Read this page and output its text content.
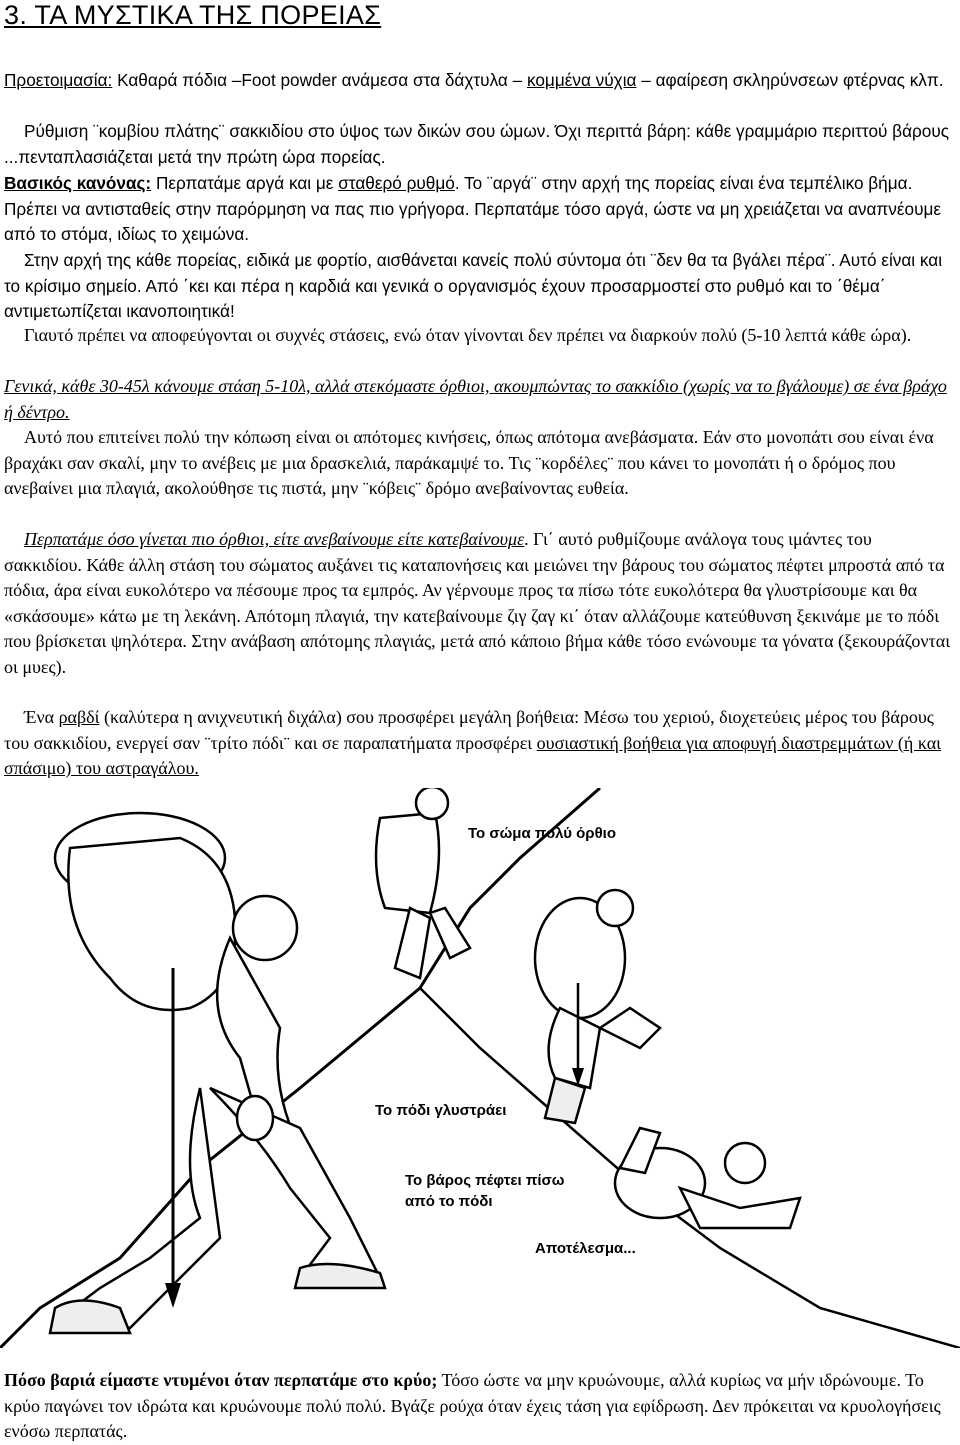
3. ΤΑ ΜΥΣΤΙΚΑ ΤΗΣ ΠΟΡΕΙΑΣ

Προετοιμασία: Καθαρά πόδια –Foot powder ανάμεσα στα δάχτυλα – κομμένα νύχια – αφαίρεση σκληρύνσεων φτέρνας κλπ.

Ρύθμιση ¨κομβίου πλάτης¨ σακκιδίου στο ύψος των δικών σου ώμων. Όχι περιττά βάρη: κάθε γραμμάριο περιττού βάρους ...πενταπλασιάζεται μετά την πρώτη ώρα πορείας.

Βασικός κανόνας: Περπατάμε αργά και με σταθερό ρυθμό. Το ¨αργά¨ στην αρχή της πορείας είναι ένα τεμπέλικο βήμα. Πρέπει να αντισταθείς στην παρόρμηση να πας πιο γρήγορα. Περπατάμε τόσο αργά, ώστε να μη χρειάζεται να αναπνέουμε από το στόμα, ιδίως το χειμώνα.

Στην αρχή της κάθε πορείας, ειδικά με φορτίο, αισθάνεται κανείς πολύ σύντομα ότι ¨δεν θα τα βγάλει πέρα¨. Αυτό είναι και το κρίσιμο σημείο. Από ΄κει και πέρα η καρδιά και γενικά ο οργανισμός έχουν προσαρμοστεί στο ρυθμό και το ΄θέμα΄ αντιμετωπίζεται ικανοποιητικά!

Γιαυτό πρέπει να αποφεύγονται οι συχνές στάσεις, ενώ όταν γίνονται δεν πρέπει να διαρκούν πολύ (5-10 λεπτά κάθε ώρα).

Γενικά, κάθε 30-45λ κάνουμε στάση 5-10λ, αλλά στεκόμαστε όρθιοι, ακουμπώντας το σακκίδιο (χωρίς να το βγάλουμε) σε ένα βράχο ή δέντρο.

Αυτό που επιτείνει πολύ την κόπωση είναι οι απότομες κινήσεις, όπως απότομα ανεβάσματα. Εάν στο μονοπάτι σου είναι ένα βραχάκι σαν σκαλί, μην το ανέβεις με μια δρασκελιά, παράκαμψέ το. Τις ¨κορδέλες¨ που κάνει το μονοπάτι ή ο δρόμος που ανεβαίνει μια πλαγιά, ακολούθησε τις πιστά, μην ¨κόβεις¨ δρόμο ανεβαίνοντας ευθεία.

Περπατάμε όσο γίνεται πιο όρθιοι, είτε ανεβαίνουμε είτε κατεβαίνουμε. Γι΄ αυτό ρυθμίζουμε ανάλογα τους ιμάντες του σακκιδίου. Κάθε άλλη στάση του σώματος αυξάνει τις καταπονήσεις και μειώνει την βάρους του σώματος πέφτει μπροστά από τα πόδια, άρα είναι ευκολότερο να πέσουμε προς τα εμπρός. Αν γέρνουμε προς τα πίσω τότε ευκολότερα θα γλυστρίσουμε και θα «σκάσουμε» κάτω με τη λεκάνη. Απότομη πλαγιά, την κατεβαίνουμε ζιγ ζαγ κι΄ όταν αλλάζουμε κατεύθυνση ξεκινάμε με το πόδι που βρίσκεται ψηλότερα. Στην ανάβαση απότομης πλαγιάς, μετά από κάποιο βήμα κάθε τόσο ενώνουμε τα γόνατα (ξεκουράζονται οι μυες).

Ένα ραβδί (καλύτερα η ανιχνευτική διχάλα) σου προσφέρει μεγάλη βοήθεια: Μέσω του χεριού, διοχετεύεις μέρος του βάρους του σακκιδίου, ενεργεί σαν ¨τρίτο πόδι¨ και σε παραπατήματα προσφέρει ουσιαστική βοήθεια για αποφυγή διαστρεμμάτων (ή και σπάσιμο) του αστραγάλου.

Το σώμα πολύ όρθιο
Το πόδι γλυστράει
Το βάρος πέφτει πίσω
από το πόδι
Αποτέλεσμα...

Πόσο βαριά είμαστε ντυμένοι όταν περπατάμε στο κρύο; Τόσο ώστε να μην κρυώνουμε, αλλά κυρίως να μήν ιδρώνουμε. Το κρύο παγώνει τον ιδρώτα και κρυώνουμε πολύ πολύ. Βγάζε ρούχα όταν έχεις τάση για εφίδρωση. Δεν πρόκειται να κρυολογήσεις ενόσω περπατάς.
